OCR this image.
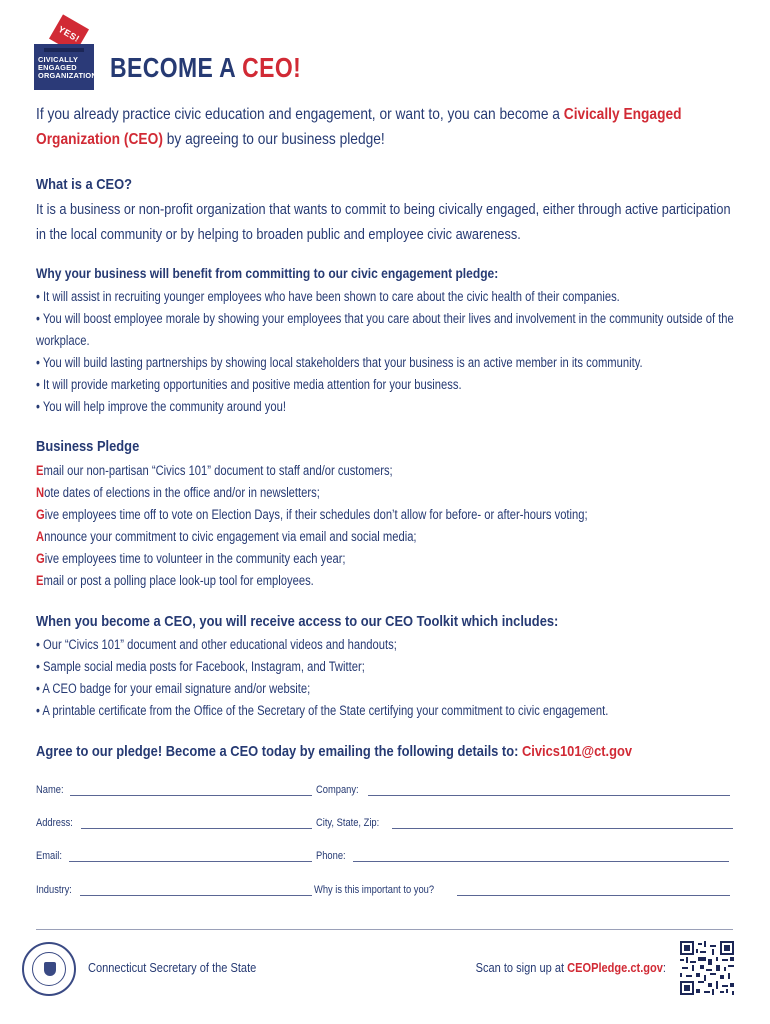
YES!
CIVICALLY
ENGAGED
ORGANIZATION BECOME A CEO!
If you already practice civic education and engagement, or want to, you can become a Civically Engaged Organization (CEO) by agreeing to our business pledge!
What is a CEO?
It is a business or non-profit organization that wants to commit to being civically engaged, either through active participation in the local community or by helping to broaden public and employee civic awareness.
Why your business will benefit from committing to our civic engagement pledge:
• It will assist in recruiting younger employees who have been shown to care about the civic health of their companies.
• You will boost employee morale by showing your employees that you care about their lives and involvement in the community outside of the workplace.
• You will build lasting partnerships by showing local stakeholders that your business is an active member in its community.
• It will provide marketing opportunities and positive media attention for your business.
• You will help improve the community around you!
Business Pledge
Email our non-partisan “Civics 101” document to staff and/or customers;
Note dates of elections in the office and/or in newsletters;
Give employees time off to vote on Election Days, if their schedules don’t allow for before- or after-hours voting;
Announce your commitment to civic engagement via email and social media;
Give employees time to volunteer in the community each year;
Email or post a polling place look-up tool for employees.
When you become a CEO, you will receive access to our CEO Toolkit which includes:
• Our “Civics 101” document and other educational videos and handouts;
• Sample social media posts for Facebook, Instagram, and Twitter;
• A CEO badge for your email signature and/or website;
• A printable certificate from the Office of the Secretary of the State certifying your commitment to civic engagement.
Agree to our pledge! Become a CEO today by emailing the following details to: Civics101@ct.gov
Name:	Company:
Address:	City, State, Zip:
Email:	Phone:
Industry:	Why is this important to you?
Connecticut Secretary of the State	Scan to sign up at CEOPledge.ct.gov:
